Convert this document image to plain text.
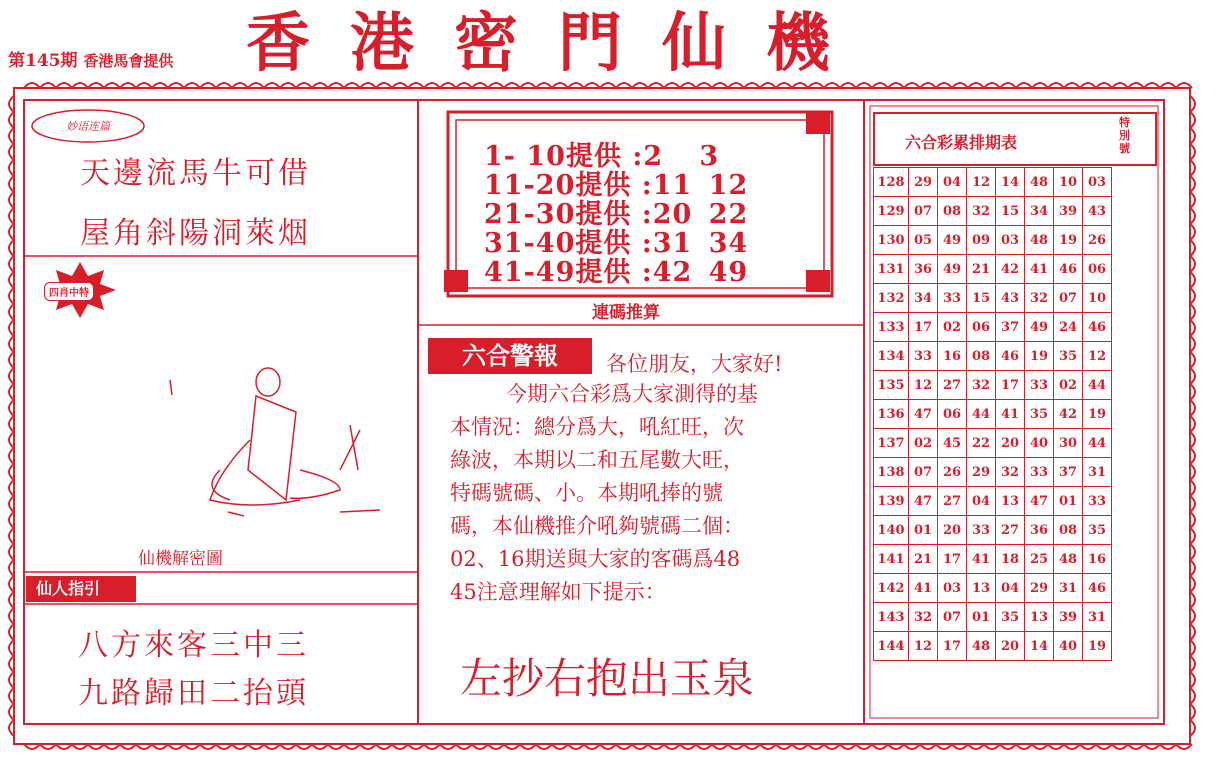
第145期 香港馬會提供 香港密門仙機
妙语连篇
天邊流馬牛可借
屋角斜陽洞萊烟
四肖中特
仙機解密圖
仙人指引
八方來客三中三
九路歸田二抬頭
1- 10提供 :2 3
11-20提供 :11 12
21-30提供 :20 22
31-40提供 :31 34
41-49提供 :42 49
連碼推算
六合警報	各位朋友，大家好!

今期六合彩爲大家測得的基

本情況：總分爲大，吼紅旺，次

綠波，本期以二和五尾數大旺，

特碼號碼、小。本期吼捧的號

碼，本仙機推介吼夠號碼二個：

02、16期送與大家的客碼爲48

45注意理解如下提示：

左抄右抱出玉泉
六合彩累排期表
特別號
128	29	04	12	14	48	10	03
129	07	08	32	15	34	39	43
130	05	49	09	03	48	19	26
131	36	49	21	42	41	46	06
132	34	33	15	43	32	07	10
133	17	02	06	37	49	24	46
134	33	16	08	46	19	35	12
135	12	27	32	17	33	02	44
136	47	06	44	41	35	42	19
137	02	45	22	20	40	30	44
138	07	26	29	32	33	37	31
139	47	27	04	13	47	01	33
140	01	20	33	27	36	08	35
141	21	17	41	18	25	48	16
142	41	03	13	04	29	31	46
143	32	07	01	35	13	39	31
144	12	17	48	20	14	40	19
